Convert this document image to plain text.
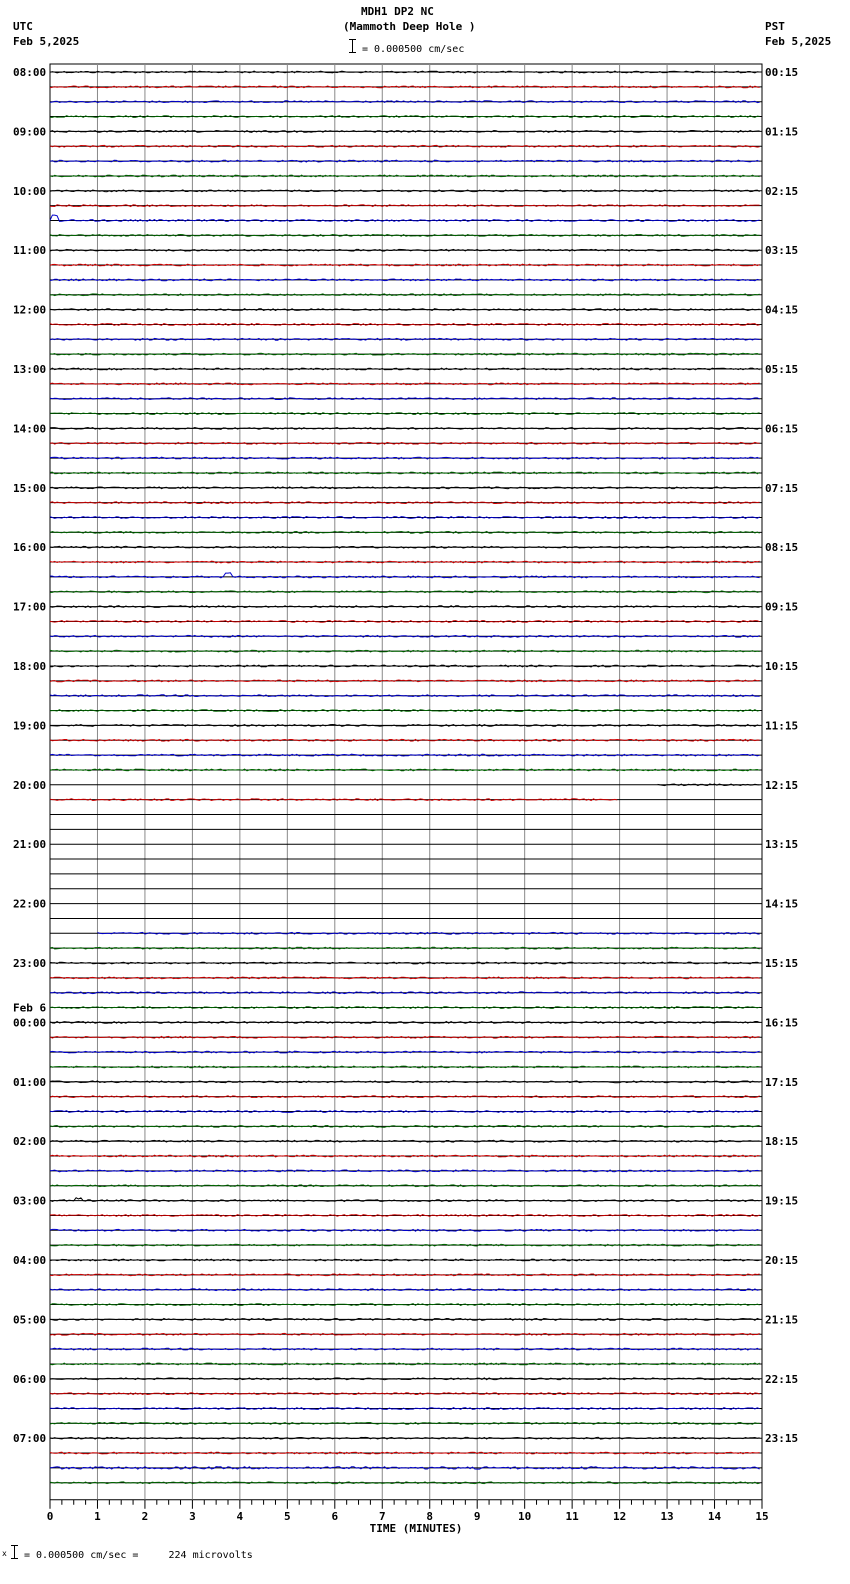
MDH1 DP2 NC
(Mammoth Deep Hole )
UTC
Feb 5,2025
PST
Feb 5,2025
= 0.000500 cm/sec
08:00
09:00
10:00
11:00
12:00
13:00
14:00
15:00
16:00
17:00
18:00
19:00
20:00
21:00
22:00
23:00
00:00
01:00
02:00
03:00
04:00
05:00
06:00
07:00
00:15
01:15
02:15
03:15
04:15
05:15
06:15
07:15
08:15
09:15
10:15
11:15
12:15
13:15
14:15
15:15
16:15
17:15
18:15
19:15
20:15
21:15
22:15
23:15
Feb 6
0	1	2	3	4	5	6	7	8	9	10	11	12	13	14	15
TIME (MINUTES)
x = 0.000500 cm/sec =     224 microvolts
